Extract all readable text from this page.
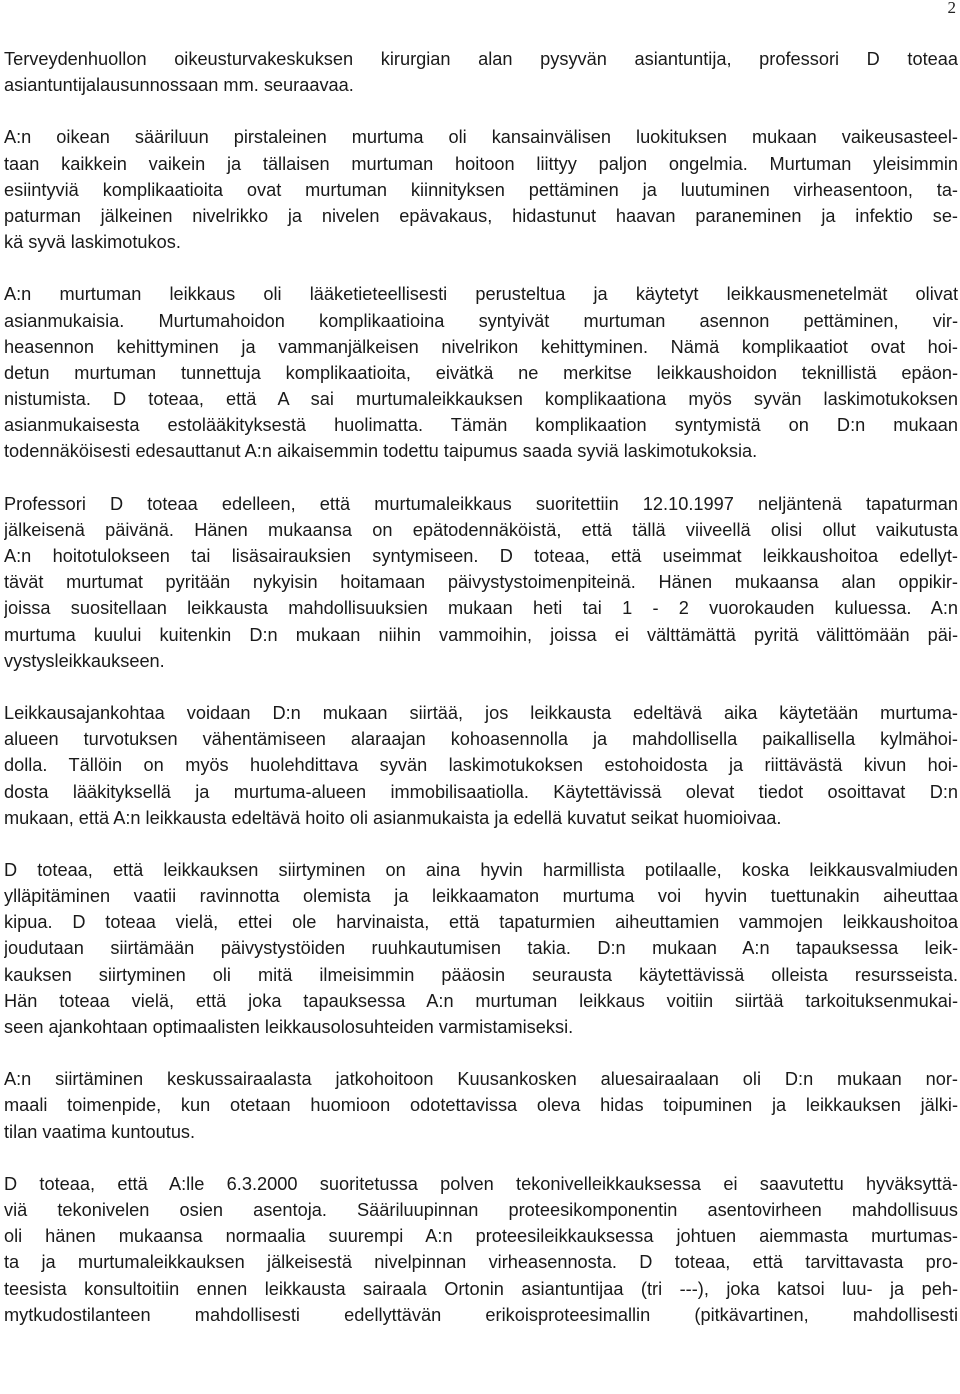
2
Terveydenhuollon oikeusturvakeskuksen kirurgian alan pysyvän asiantuntija, professori D toteaa
asiantuntijalausunnossaan mm. seuraavaa.
A:n oikean sääriluun pirstaleinen murtuma oli kansainvälisen luokituksen mukaan vaikeusasteel-
taan kaikkein vaikein ja tällaisen murtuman hoitoon liittyy paljon ongelmia. Murtuman yleisimmin
esiintyviä komplikaatioita ovat murtuman kiinnityksen pettäminen ja luutuminen virheasentoon, ta-
paturman jälkeinen nivelrikko ja nivelen epävakaus, hidastunut haavan paraneminen ja infektio se-
kä syvä laskimotukos.
A:n murtuman leikkaus oli lääketieteellisesti perusteltua ja käytetyt leikkausmenetelmät olivat
asianmukaisia. Murtumahoidon komplikaatioina syntyivät murtuman asennon pettäminen, vir-
heasennon kehittyminen ja vammanjälkeisen nivelrikon kehittyminen. Nämä komplikaatiot ovat hoi-
detun murtuman tunnettuja komplikaatioita, eivätkä ne merkitse leikkaushoidon teknillistä epäon-
nistumista. D toteaa, että A sai murtumaleikkauksen komplikaationa myös syvän laskimotukoksen
asianmukaisesta estolääkityksestä huolimatta. Tämän komplikaation syntymistä on D:n mukaan
todennäköisesti edesauttanut A:n aikaisemmin todettu taipumus saada syviä laskimotukoksia.
Professori D toteaa edelleen, että murtumaleikkaus suoritettiin 12.10.1997 neljäntenä tapaturman
jälkeisenä päivänä. Hänen mukaansa on epätodennäköistä, että tällä viiveellä olisi ollut vaikutusta
A:n hoitotulokseen tai lisäsairauksien syntymiseen. D toteaa, että useimmat leikkaushoitoa edellyt-
tävät murtumat pyritään nykyisin hoitamaan päivystystoimenpiteinä. Hänen mukaansa alan oppikir-
joissa suositellaan leikkausta mahdollisuuksien mukaan heti tai 1 - 2 vuorokauden kuluessa. A:n
murtuma kuului kuitenkin D:n mukaan niihin vammoihin, joissa ei välttämättä pyritä välittömään päi-
vystysleikkaukseen.
Leikkausajankohtaa voidaan D:n mukaan siirtää, jos leikkausta edeltävä aika käytetään murtuma-
alueen turvotuksen vähentämiseen alaraajan kohoasennolla ja mahdollisella paikallisella kylmähoi-
dolla. Tällöin on myös huolehdittava syvän laskimotukoksen estohoidosta ja riittävästä kivun hoi-
dosta lääkityksellä ja murtuma-alueen immobilisaatiolla. Käytettävissä olevat tiedot osoittavat D:n
mukaan, että A:n leikkausta edeltävä hoito oli asianmukaista ja edellä kuvatut seikat huomioivaa.
D toteaa, että leikkauksen siirtyminen on aina hyvin harmillista potilaalle, koska leikkausvalmiuden
ylläpitäminen vaatii ravinnotta olemista ja leikkaamaton murtuma voi hyvin tuettunakin aiheuttaa
kipua. D toteaa vielä, ettei ole harvinaista, että tapaturmien aiheuttamien vammojen leikkaushoitoa
joudutaan siirtämään päivystystöiden ruuhkautumisen takia. D:n mukaan A:n tapauksessa leik-
kauksen siirtyminen oli mitä ilmeisimmin pääosin seurausta käytettävissä olleista resursseista.
Hän toteaa vielä, että joka tapauksessa A:n murtuman leikkaus voitiin siirtää tarkoituksenmukai-
seen ajankohtaan optimaalisten leikkausolosuhteiden varmistamiseksi.
A:n siirtäminen keskussairaalasta jatkohoitoon Kuusankosken aluesairaalaan oli D:n mukaan nor-
maali toimenpide, kun otetaan huomioon odotettavissa oleva hidas toipuminen ja leikkauksen jälki-
tilan vaatima kuntoutus.
D toteaa, että A:lle 6.3.2000 suoritetussa polven tekonivelleikkauksessa ei saavutettu hyväksyttä-
viä tekonivelen osien asentoja. Sääriluupinnan proteesikomponentin asentovirheen mahdollisuus
oli hänen mukaansa normaalia suurempi A:n proteesileikkauksessa johtuen aiemmasta murtumas-
ta ja murtumaleikkauksen jälkeisestä nivelpinnan virheasennosta. D toteaa, että tarvittavasta pro-
teesista konsultoitiin ennen leikkausta sairaala Ortonin asiantuntijaa (tri ---), joka katsoi luu- ja peh-
mytkudostilanteen mahdollisesti edellyttävän erikoisproteesimallin (pitkävartinen, mahdollisesti
